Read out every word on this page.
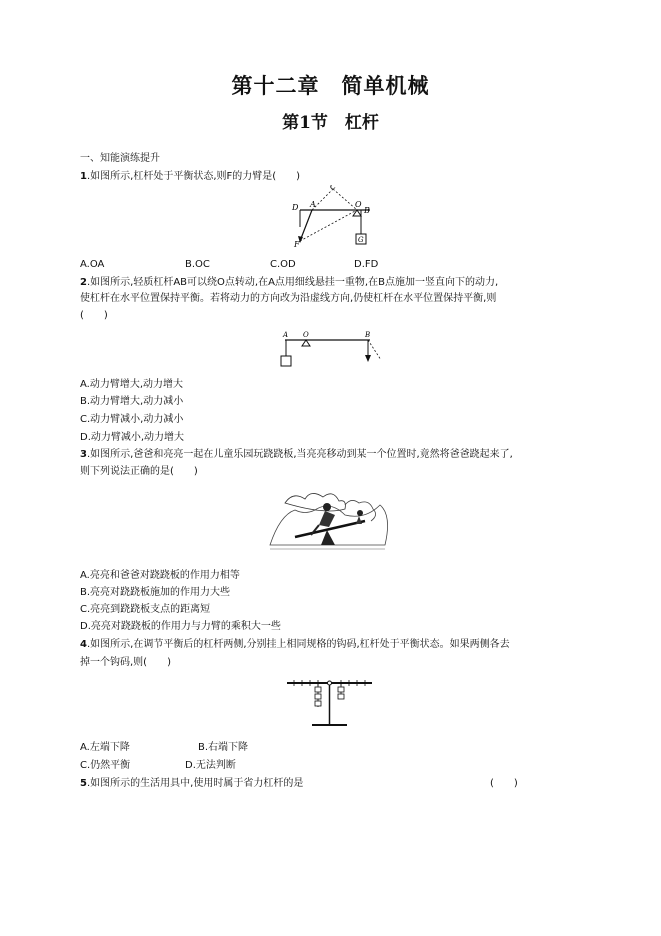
第十二章　简单机械
第1节　杠杆
一、知能演练提升
1.如图所示,杠杆处于平衡状态,则F的力臂是(　　)
D A
C
O
B
F	G
A.OA	B.OC	C.OD	D.FD
2.如图所示,轻质杠杆AB可以绕O点转动,在A点用细线悬挂一重物,在B点施加一竖直向下的动力,
使杠杆在水平位置保持平衡。若将动力的方向改为沿虚线方向,仍使杠杆在水平位置保持平衡,则
(　　)
A O	B
A.动力臂增大,动力增大
B.动力臂增大,动力减小
C.动力臂减小,动力减小
D.动力臂减小,动力增大
3.如图所示,爸爸和亮亮一起在儿童乐园玩跷跷板,当亮亮移动到某一个位置时,竟然将爸爸跷起来了,
则下列说法正确的是(　　)
A.亮亮和爸爸对跷跷板的作用力相等
B.亮亮对跷跷板施加的作用力大些
C.亮亮到跷跷板支点的距离短
D.亮亮对跷跷板的作用力与力臂的乘积大一些
4.如图所示,在调节平衡后的杠杆两侧,分别挂上相同规格的钩码,杠杆处于平衡状态。如果两侧各去
掉一个钩码,则(　　)
A.左端下降	B.右端下降
C.仍然平衡	D.无法判断
5.如图所示的生活用具中,使用时属于省力杠杆的是	(　　)
